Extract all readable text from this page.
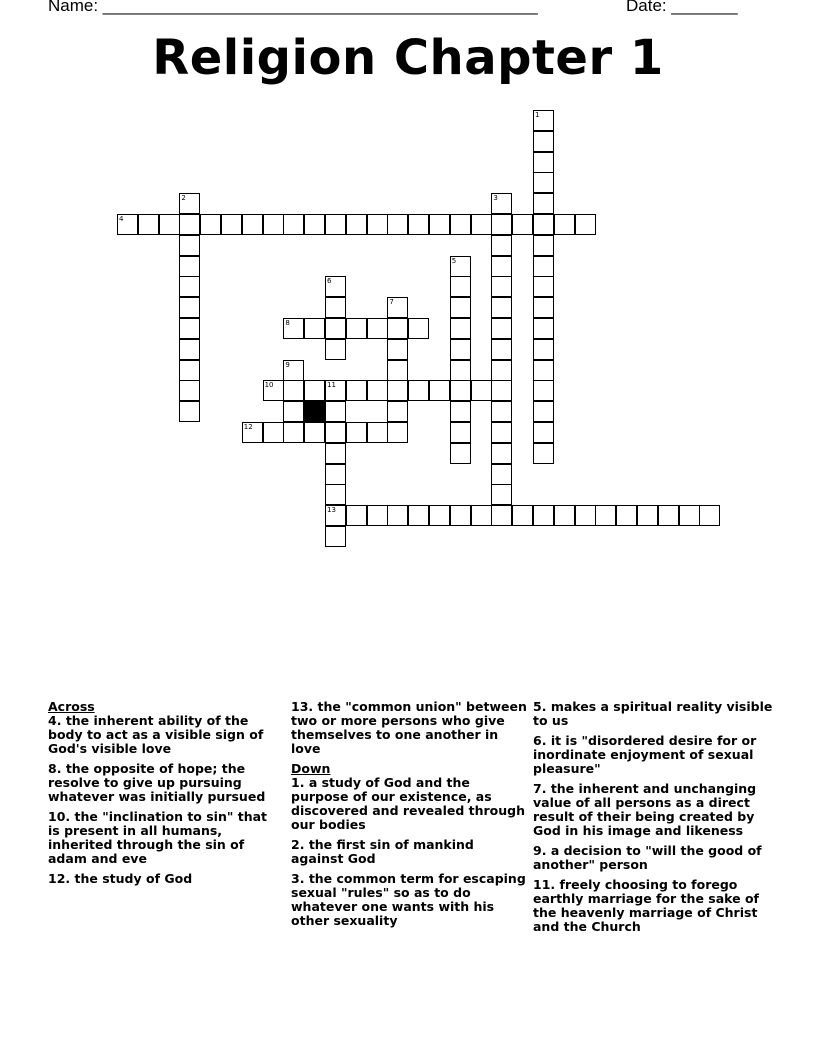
Name: ______________________________________________	Date: _______
Religion Chapter 1
1
2	3
4
5
6
7
8
9
10	11
13
12

Across

4. the inherent ability of the body to act as a visible sign of God's visible love
8. the opposite of hope; the resolve to give up pursuing whatever was initially pursued
10. the "inclination to sin" that is present in all humans, inherited through the sin of adam and eve
12. the study of God
13. the "common union" between two or more persons who give themselves to one another in love

Down

1. a study of God and the purpose of our existence, as discovered and revealed through our bodies
2. the first sin of mankind against God
3. the common term for escaping sexual "rules" so as to do whatever one wants with his other sexuality
5. makes a spiritual reality visible to us
6. it is "disordered desire for or inordinate enjoyment of sexual pleasure"
7. the inherent and unchanging value of all persons as a direct result of their being created by God in his image and likeness
9. a decision to "will the good of another" person
11. freely choosing to forego earthly marriage for the sake of the heavenly marriage of Christ and the Church
